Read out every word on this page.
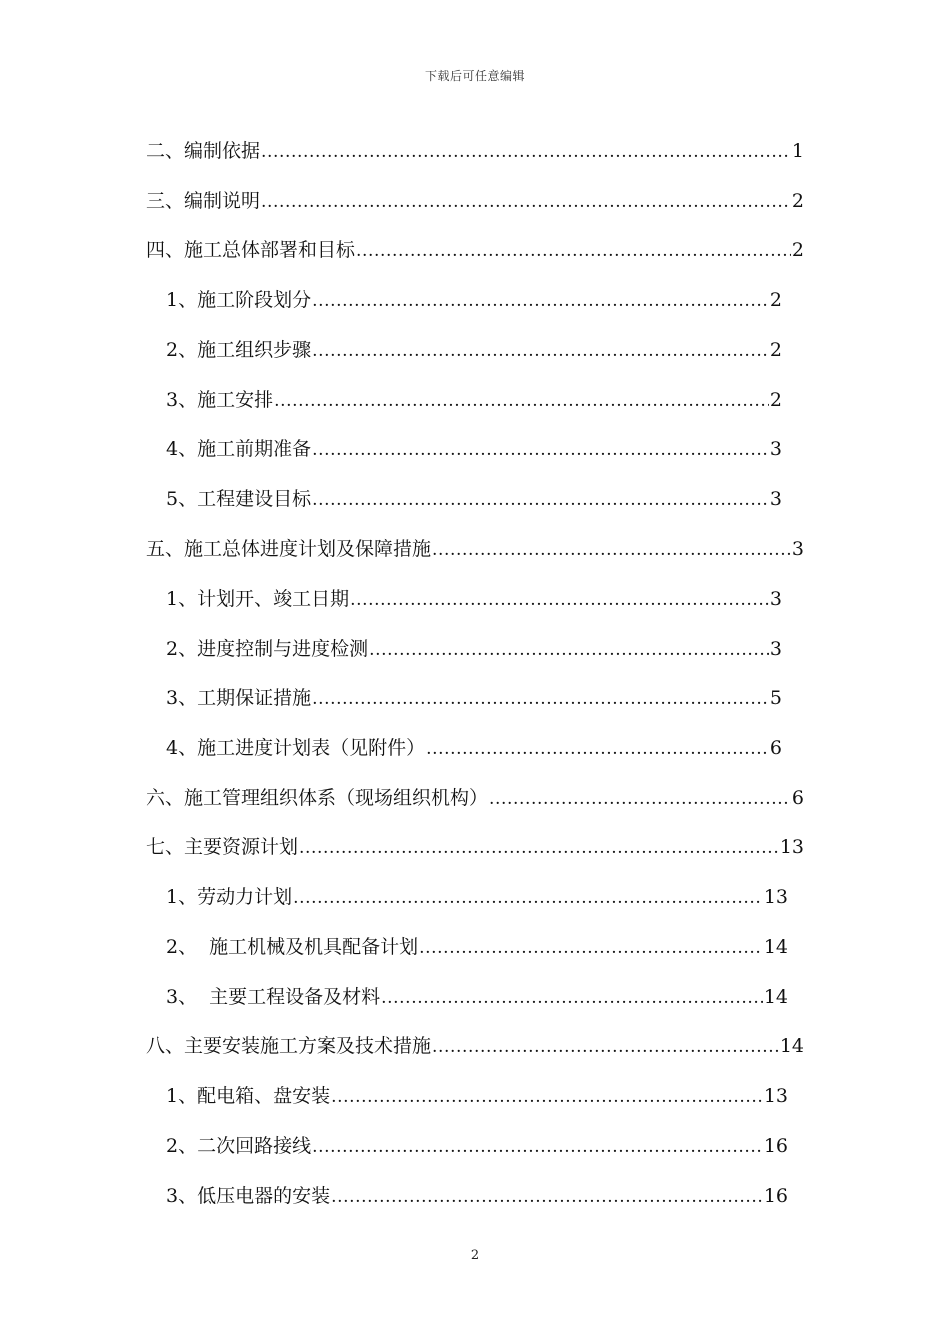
下载后可任意编辑
二、编制依据 .....	1
三、编制说明 .....	2
四、施工总体部署和目标 .....	2
1、施工阶段划分 .....	2
2、施工组织步骤 .....	2
3、施工安排 .....	2
4、施工前期准备 .....	3
5、工程建设目标 .....	3
五、施工总体进度计划及保障措施 .....	3
1、计划开、竣工日期 .....	3
2、进度控制与进度检测 .....	3
3、工期保证措施 .....	5
4、施工进度计划表（见附件） .....	6
六、施工管理组织体系（现场组织机构） .....	6
七、主要资源计划 .....	13
1、劳动力计划 .....	13
2、  施工机械及机具配备计划 .....	14
3、  主要工程设备及材料 .....	14
八、主要安装施工方案及技术措施 .....	14
1、配电箱、盘安装 .....	13
2、二次回路接线 .....	16
3、低压电器的安装 .....	16
2
